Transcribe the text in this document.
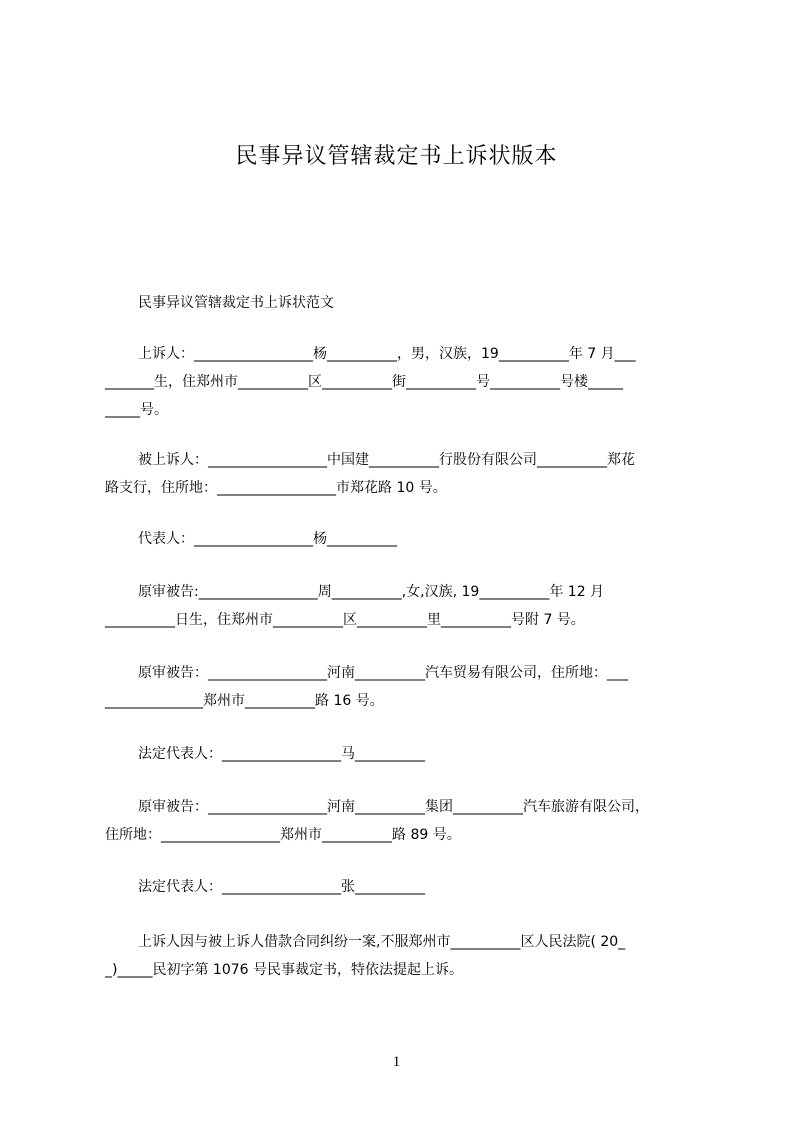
民事异议管辖裁定书上诉状版本
民事异议管辖裁定书上诉状范文
上诉人：_________________杨__________，男，汉族，19__________年 7 月___
_______生，住郑州市__________区__________街__________号__________号楼_____
_____号。
被上诉人：_________________中国建__________行股份有限公司__________郑花
路支行，住所地：_________________市郑花路 10 号。
代表人：_________________杨__________
原审被告:_________________周__________,女,汉族, 19__________年 12 月
__________日生，住郑州市__________区__________里__________号附 7 号。
原审被告：_________________河南__________汽车贸易有限公司，住所地：___
______________郑州市__________路 16 号。
法定代表人：_________________马__________
原审被告：_________________河南__________集团__________汽车旅游有限公司，
住所地：_________________郑州市__________路 89 号。
法定代表人：_________________张__________
上诉人因与被上诉人借款合同纠纷一案,不服郑州市__________区人民法院( 20_
_)_____民初字第 1076 号民事裁定书，特依法提起上诉。
1
